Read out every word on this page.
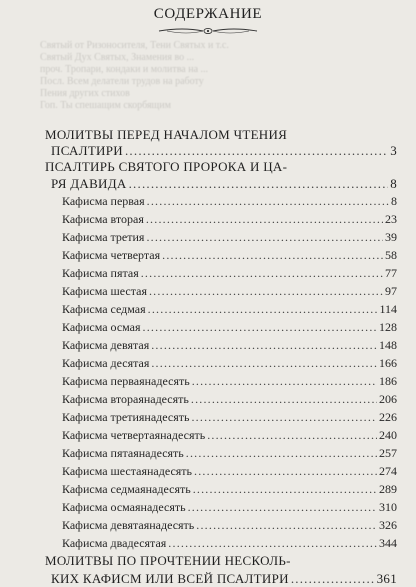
Святый от Ризоносителя, Тени Святых и т.с.
Святый Дух Святых, Знамения во ...
проч. Тропари, кондаки и молитва на ...
Посл. Всем делатели трудов на работу
Пения других стихов
Гоп. Ты спешащим скорбящим
СОДЕРЖАНИЕ
МОЛИТВЫ ПЕРЕД НАЧАЛОМ ЧТЕНИЯ
ПСАЛТИРИ .....	3
ПСАЛТИРЬ СВЯТОГО ПРОРОКА И ЦА-
РЯ ДАВИДА .....	8
Кафисма первая .....	8
Кафисма вторая .....	23
Кафисма третия .....	39
Кафисма четвертая .....	58
Кафисма пятая .....	77
Кафисма шестая .....	97
Кафисма седмая .....	114
Кафисма осмая .....	128
Кафисма девятая .....	148
Кафисма десятая .....	166
Кафисма перваянадесять .....	186
Кафисма втораянадесять .....	206
Кафисма третиянадесять .....	226
Кафисма четвертаянадесять .....	240
Кафисма пятаянадесять .....	257
Кафисма шестаянадесять .....	274
Кафисма седмаянадесять .....	289
Кафисма осмаянадесять .....	310
Кафисма девятаянадесять .....	326
Кафисма двадесятая .....	344
МОЛИТВЫ ПО ПРОЧТЕНИИ НЕСКОЛЬ-
КИХ КАФИСМ ИЛИ ВСЕЙ ПСАЛТИРИ .....	361
